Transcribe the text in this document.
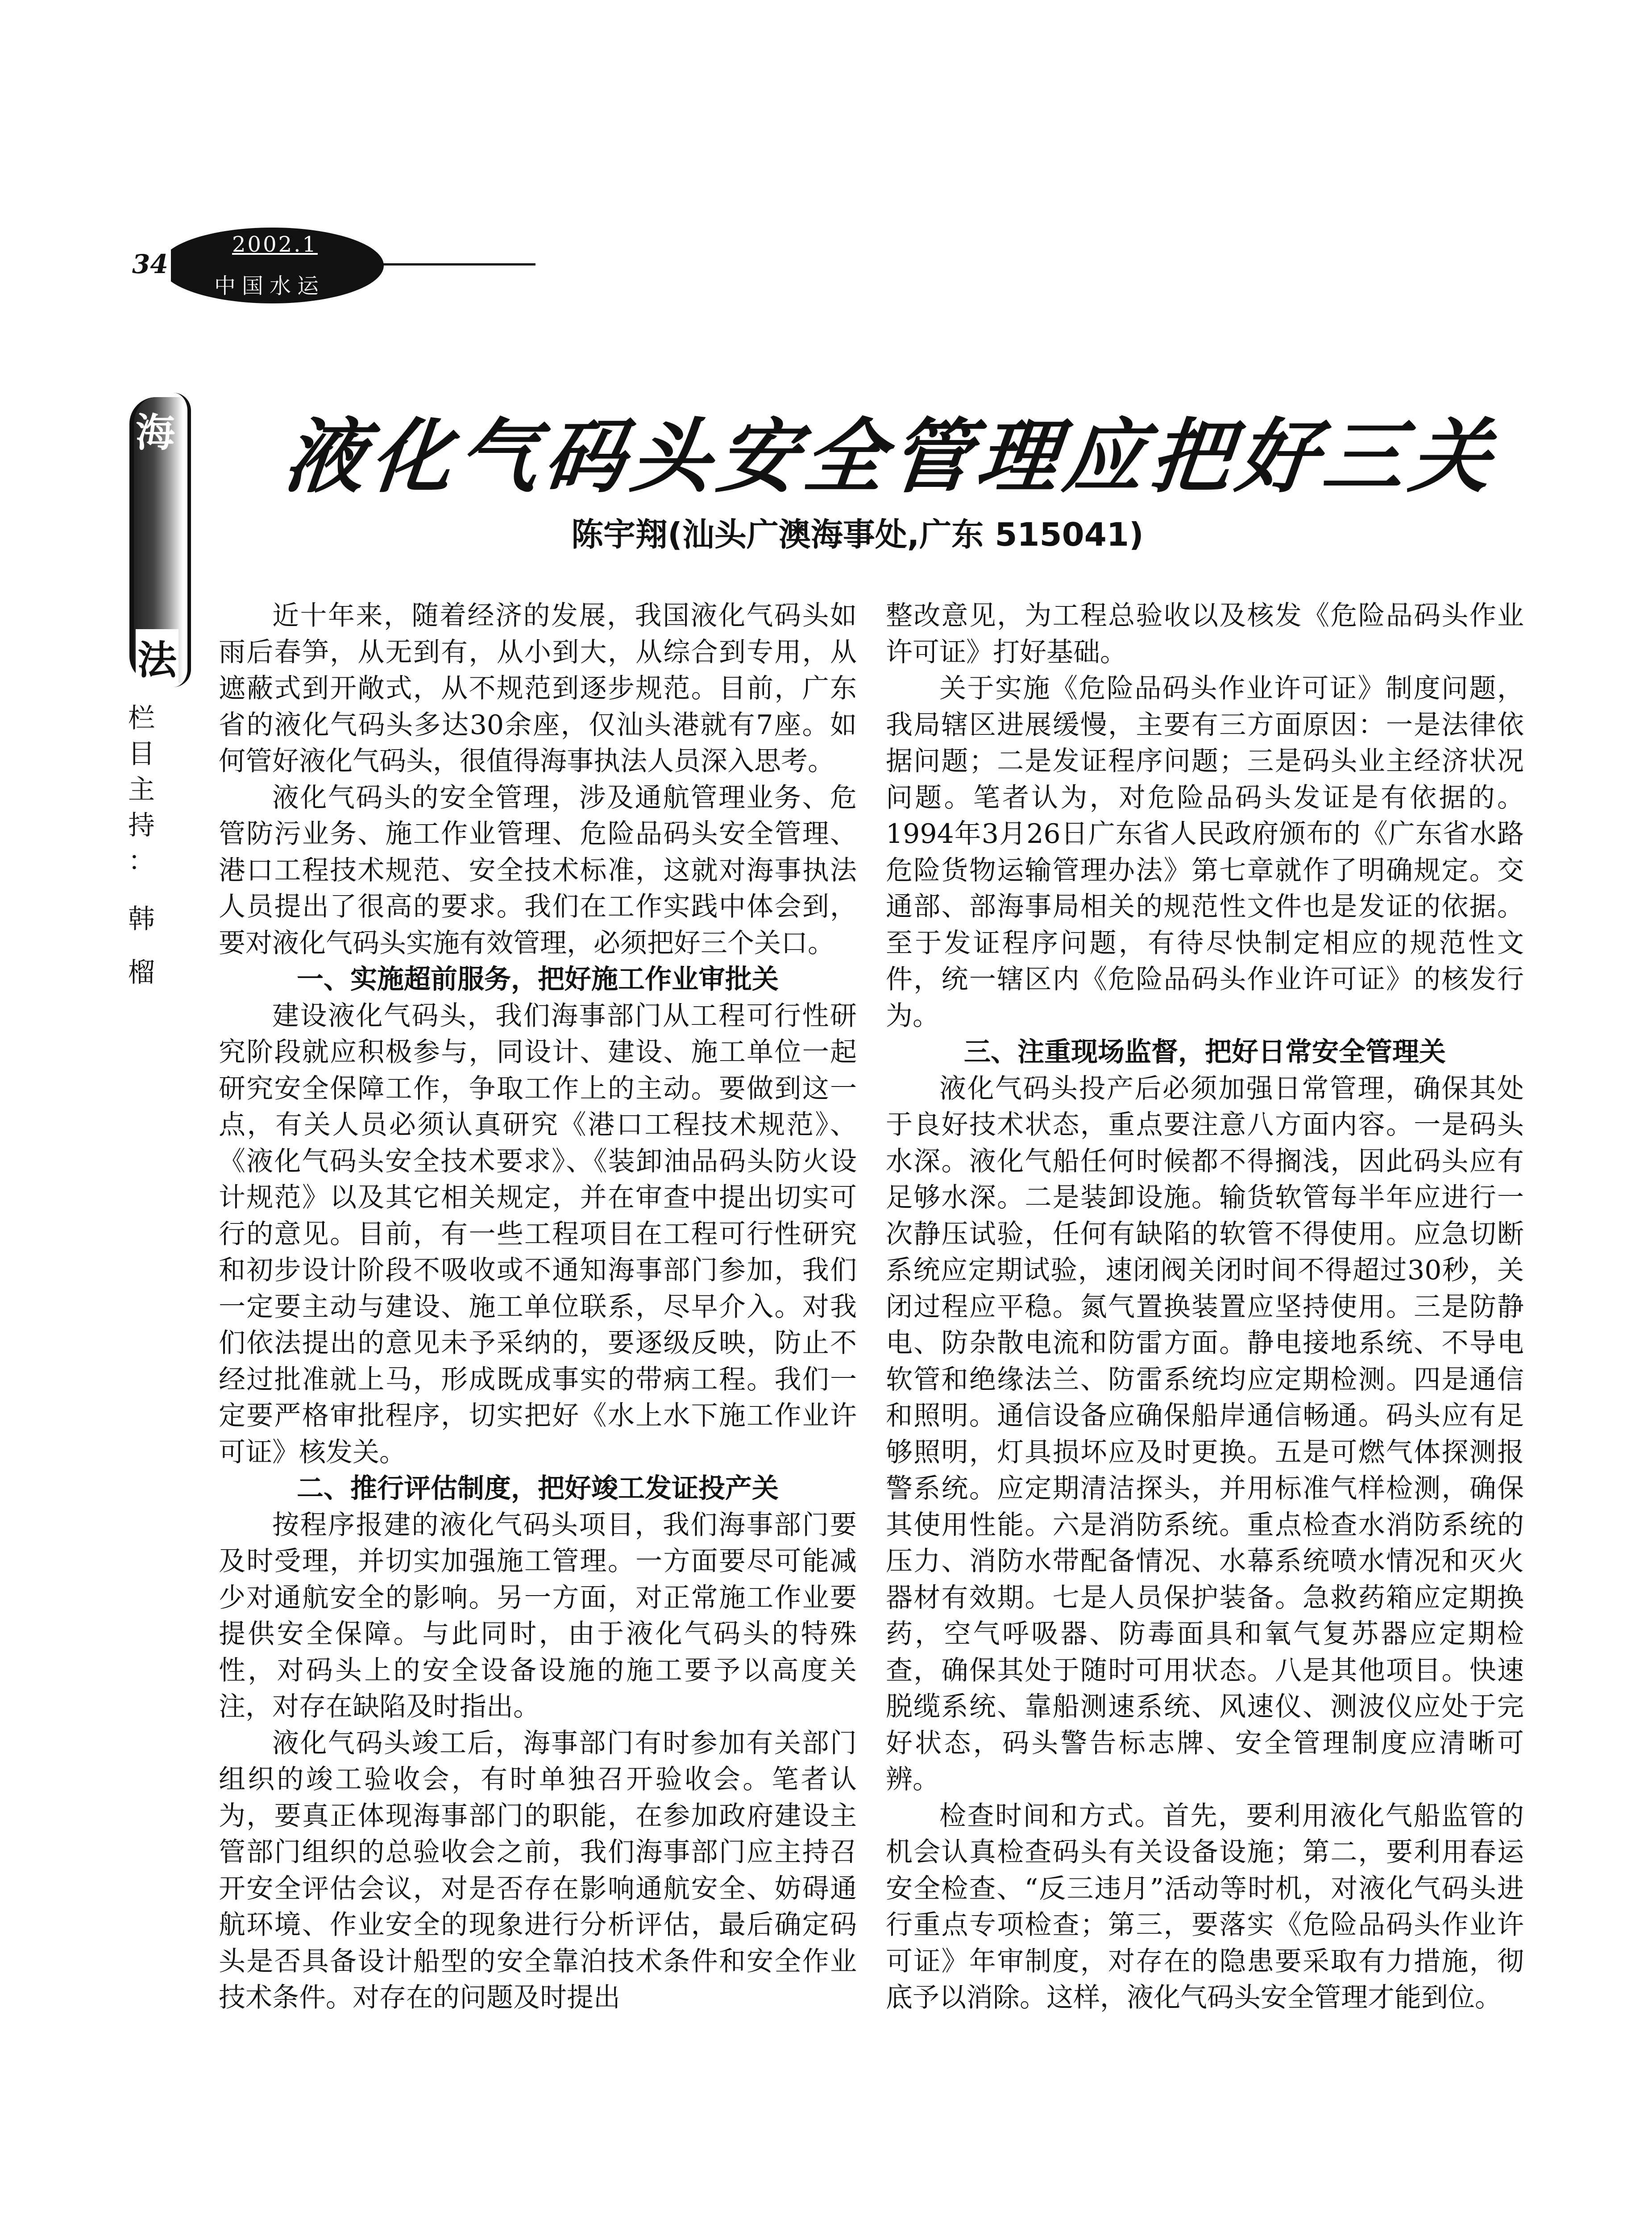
34
2002.1
中国水运
海
法
栏
目
主
持
：
韩
榴
液化气码头安全管理应把好三关
陈宇翔(汕头广澳海事处,广东 515041)

近十年来，随着经济的发展，我国液化气码头如雨后春笋，从无到有，从小到大，从综合到专用，从遮蔽式到开敞式，从不规范到逐步规范。目前，广东省的液化气码头多达30余座，仅汕头港就有7座。如何管好液化气码头，很值得海事执法人员深入思考。

液化气码头的安全管理，涉及通航管理业务、危管防污业务、施工作业管理、危险品码头安全管理、港口工程技术规范、安全技术标准，这就对海事执法人员提出了很高的要求。我们在工作实践中体会到，要对液化气码头实施有效管理，必须把好三个关口。

一、实施超前服务，把好施工作业审批关

建设液化气码头，我们海事部门从工程可行性研究阶段就应积极参与，同设计、建设、施工单位一起研究安全保障工作，争取工作上的主动。要做到这一点，有关人员必须认真研究《港口工程技术规范》、《液化气码头安全技术要求》、《装卸油品码头防火设计规范》以及其它相关规定，并在审查中提出切实可行的意见。目前，有一些工程项目在工程可行性研究和初步设计阶段不吸收或不通知海事部门参加，我们一定要主动与建设、施工单位联系，尽早介入。对我们依法提出的意见未予采纳的，要逐级反映，防止不经过批准就上马，形成既成事实的带病工程。我们一定要严格审批程序，切实把好《水上水下施工作业许可证》核发关。

二、推行评估制度，把好竣工发证投产关

按程序报建的液化气码头项目，我们海事部门要及时受理，并切实加强施工管理。一方面要尽可能减少对通航安全的影响。另一方面，对正常施工作业要提供安全保障。与此同时，由于液化气码头的特殊性，对码头上的安全设备设施的施工要予以高度关注，对存在缺陷及时指出。

液化气码头竣工后，海事部门有时参加有关部门组织的竣工验收会，有时单独召开验收会。笔者认为，要真正体现海事部门的职能，在参加政府建设主管部门组织的总验收会之前，我们海事部门应主持召开安全评估会议，对是否存在影响通航安全、妨碍通航环境、作业安全的现象进行分析评估，最后确定码头是否具备设计船型的安全靠泊技术条件和安全作业技术条件。对存在的问题及时提出

整改意见，为工程总验收以及核发《危险品码头作业许可证》打好基础。

关于实施《危险品码头作业许可证》制度问题，我局辖区进展缓慢，主要有三方面原因：一是法律依据问题；二是发证程序问题；三是码头业主经济状况问题。笔者认为，对危险品码头发证是有依据的。1994年3月26日广东省人民政府颁布的《广东省水路危险货物运输管理办法》第七章就作了明确规定。交通部、部海事局相关的规范性文件也是发证的依据。至于发证程序问题，有待尽快制定相应的规范性文件，统一辖区内《危险品码头作业许可证》的核发行为。

三、注重现场监督，把好日常安全管理关

液化气码头投产后必须加强日常管理，确保其处于良好技术状态，重点要注意八方面内容。一是码头水深。液化气船任何时候都不得搁浅，因此码头应有足够水深。二是装卸设施。输货软管每半年应进行一次静压试验，任何有缺陷的软管不得使用。应急切断系统应定期试验，速闭阀关闭时间不得超过30秒，关闭过程应平稳。氮气置换装置应坚持使用。三是防静电、防杂散电流和防雷方面。静电接地系统、不导电软管和绝缘法兰、防雷系统均应定期检测。四是通信和照明。通信设备应确保船岸通信畅通。码头应有足够照明，灯具损坏应及时更换。五是可燃气体探测报警系统。应定期清洁探头，并用标准气样检测，确保其使用性能。六是消防系统。重点检查水消防系统的压力、消防水带配备情况、水幕系统喷水情况和灭火器材有效期。七是人员保护装备。急救药箱应定期换药，空气呼吸器、防毒面具和氧气复苏器应定期检查，确保其处于随时可用状态。八是其他项目。快速脱缆系统、靠船测速系统、风速仪、测波仪应处于完好状态，码头警告标志牌、安全管理制度应清晰可辨。

检查时间和方式。首先，要利用液化气船监管的机会认真检查码头有关设备设施；第二，要利用春运安全检查、“反三违月”活动等时机，对液化气码头进行重点专项检查；第三，要落实《危险品码头作业许可证》年审制度，对存在的隐患要采取有力措施，彻底予以消除。这样，液化气码头安全管理才能到位。
